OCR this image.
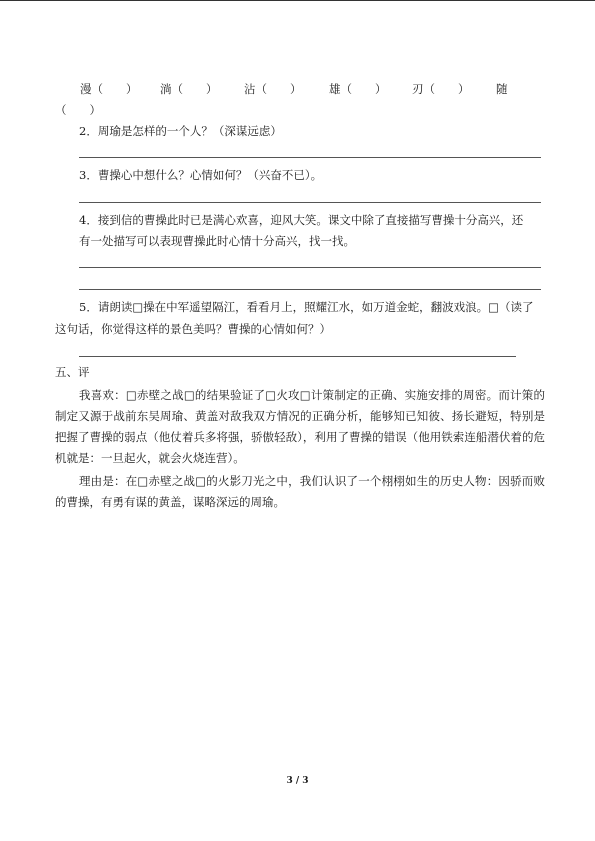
漫（　　） 淌（　　） 沾（　　） 雄（　　） 刃（　　） 随
（　　）
2．周瑜是怎样的一个人？（深谋远虑）
3．曹操心中想什么？心情如何？（兴奋不已）。
4．接到信的曹操此时已是满心欢喜，迎风大笑。课文中除了直接描写曹操十分高兴，还
有一处描写可以表现曹操此时心情十分高兴，找一找。
5．请朗读□操在中军遥望隔江，看看月上，照耀江水，如万道金蛇，翻波戏浪。□（读了
这句话，你觉得这样的景色美吗？曹操的心情如何？）
五、评
我喜欢：□赤壁之战□的结果验证了□火攻□计策制定的正确、实施安排的周密。而计策的制定又源于战前东吴周瑜、黄盖对敌我双方情况的正确分析，能够知已知彼、扬长避短，特别是把握了曹操的弱点（他仗着兵多将强，骄傲轻敌），利用了曹操的错误（他用铁索连船潜伏着的危机就是：一旦起火，就会火烧连营）。
理由是：在□赤壁之战□的火影刀光之中，我们认识了一个栩栩如生的历史人物：因骄而败的曹操，有勇有谋的黄盖，谋略深远的周瑜。
3 / 3
